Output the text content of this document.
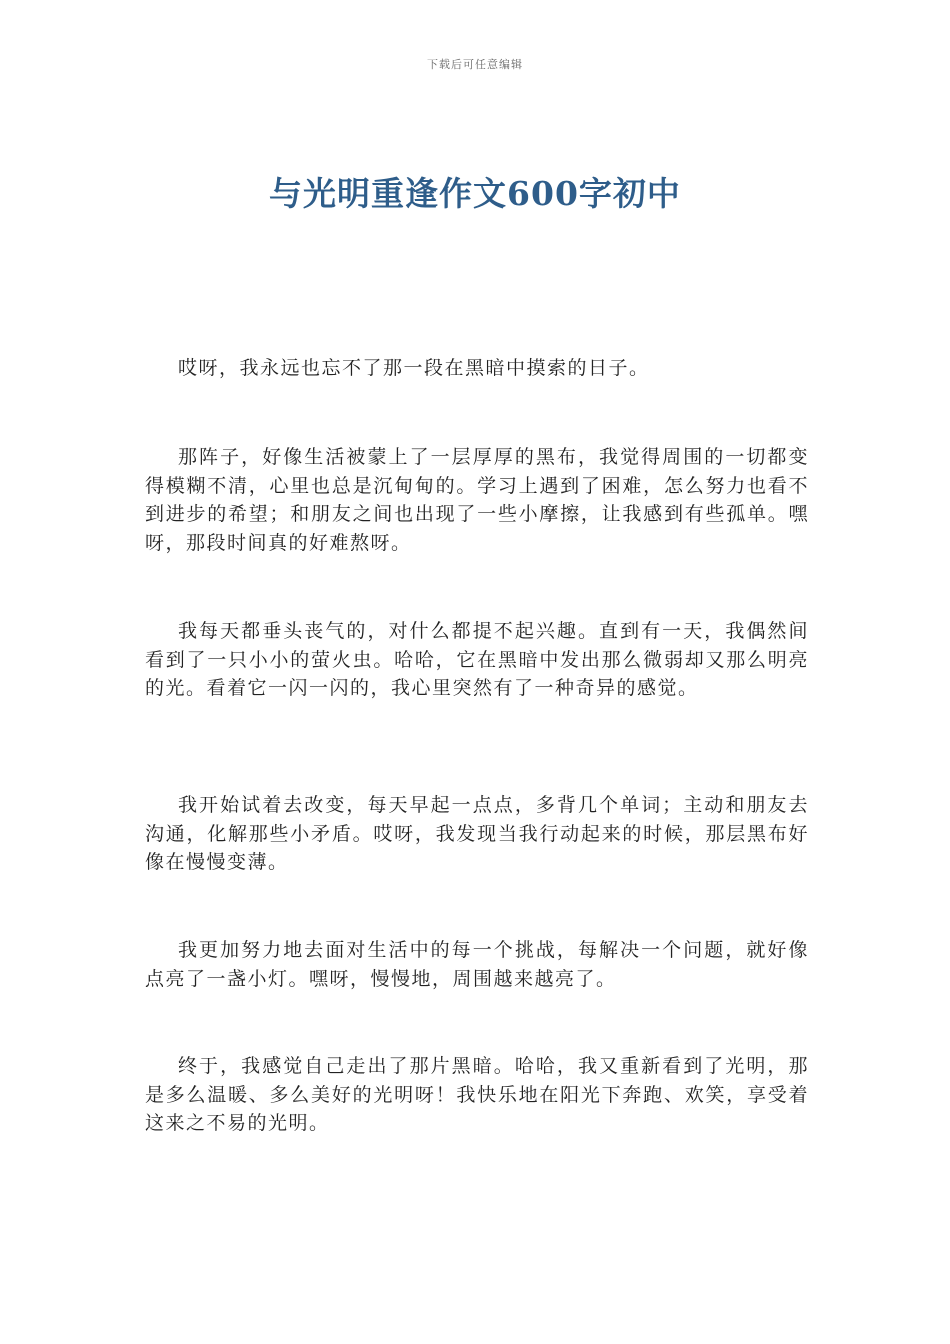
下载后可任意编辑
与光明重逢作文600字初中

哎呀，我永远也忘不了那一段在黑暗中摸索的日子。

那阵子，好像生活被蒙上了一层厚厚的黑布，我觉得周围的一切都变得模糊不清，心里也总是沉甸甸的。学习上遇到了困难，怎么努力也看不到进步的希望；和朋友之间也出现了一些小摩擦，让我感到有些孤单。嘿呀，那段时间真的好难熬呀。

我每天都垂头丧气的，对什么都提不起兴趣。直到有一天，我偶然间看到了一只小小的萤火虫。哈哈，它在黑暗中发出那么微弱却又那么明亮的光。看着它一闪一闪的，我心里突然有了一种奇异的感觉。

我开始试着去改变，每天早起一点点，多背几个单词；主动和朋友去沟通，化解那些小矛盾。哎呀，我发现当我行动起来的时候，那层黑布好像在慢慢变薄。

我更加努力地去面对生活中的每一个挑战，每解决一个问题，就好像点亮了一盏小灯。嘿呀，慢慢地，周围越来越亮了。

终于，我感觉自己走出了那片黑暗。哈哈，我又重新看到了光明，那是多么温暖、多么美好的光明呀！我快乐地在阳光下奔跑、欢笑，享受着这来之不易的光明。
